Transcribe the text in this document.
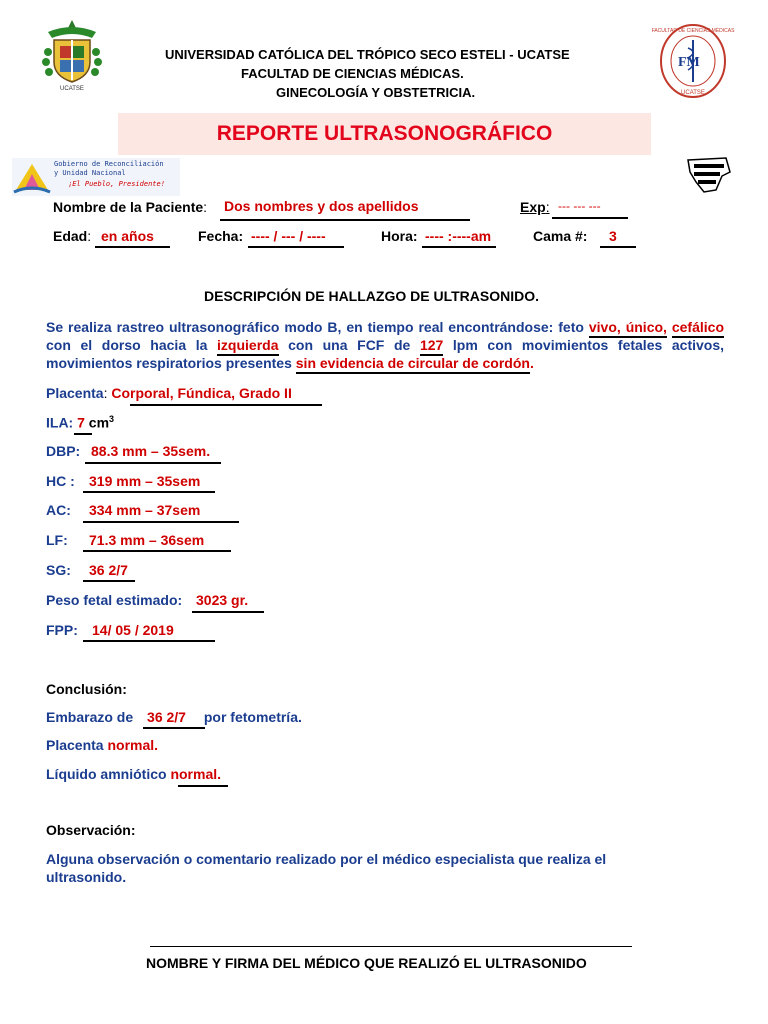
UCATSE
UNIVERSIDAD CATÓLICA DEL TRÓPICO SECO ESTELI - UCATSE
FACULTAD DE CIENCIAS MÉDICAS.
GINECOLOGÍA Y OBSTETRICIA.
FM
UCATSE
FACULTAD DE CIENCIAS MÉDICAS
REPORTE ULTRASONOGRÁFICO
Gobierno de Reconciliación
y Unidad Nacional
¡El Pueblo, Presidente!
Nombre de la Paciente: Dos nombres y dos apellidos	Exp: --- --- ---
Edad: en años	Fecha: ---- / --- / ----	Hora: ---- :----am	Cama #: 3
DESCRIPCIÓN DE HALLAZGO DE ULTRASONIDO.
Se realiza rastreo ultrasonográfico modo B, en tiempo real encontrándose: feto vivo, único, cefálico con el dorso hacia la izquierda con una FCF de 127 lpm con movimientos fetales activos, movimientos respiratorios presentes sin evidencia de circular de cordón.
Placenta: Corporal, Fúndica, Grado II
ILA: 7 $cm^3$
DBP: 88.3 mm – 35sem.
HC : 319 mm – 35sem
AC: 334 mm – 37sem
LF: 71.3 mm – 36sem
SG: 36 2/7
Peso fetal estimado: 3023 gr.
FPP: 14/ 05 / 2019
Conclusión:
Embarazo de 36 2/7 por fetometría.
Placenta normal.
Líquido amniótico normal.
Observación:
Alguna observación o comentario realizado por el médico especialista que realiza el ultrasonido.
NOMBRE Y FIRMA DEL MÉDICO QUE REALIZÓ EL ULTRASONIDO
